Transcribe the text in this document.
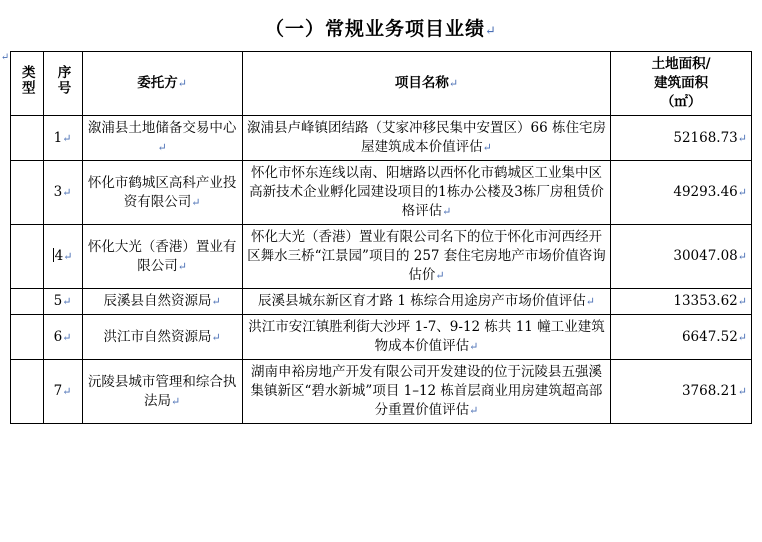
（一）常规业务项目业绩↵
↵
类型	序号	委托方↵	项目名称↵	土地面积/
建筑面积
（㎡）

	1↵	溆浦县土地储备交易中心↵	溆浦县卢峰镇团结路（艾家冲移民集中安置区）66 栋住宅房屋建筑成本价值评估↵	52168.73↵
	3↵	怀化市鹤城区高科产业投资有限公司↵	怀化市怀东连线以南、阳塘路以西怀化市鹤城区工业集中区高新技术企业孵化园建设项目的1栋办公楼及3栋厂房租赁价格评估↵	49293.46↵
	4↵	怀化大光（香港）置业有限公司↵	怀化大光（香港）置业有限公司名下的位于怀化市河西经开区舞水三桥“江景园”项目的 257 套住宅房地产市场价值咨询估价↵	30047.08↵
	5↵	辰溪县自然资源局↵	辰溪县城东新区育才路 1 栋综合用途房产市场价值评估↵	13353.62↵
	6↵	洪江市自然资源局↵	洪江市安江镇胜利街大沙坪 1-7、9-12 栋共 11 幢工业建筑物成本价值评估↵	6647.52↵
	7↵	沅陵县城市管理和综合执法局↵	湖南申裕房地产开发有限公司开发建设的位于沅陵县五强溪集镇新区“碧水新城”项目 1–12 栋首层商业用房建筑超高部分重置价值评估↵	3768.21↵
